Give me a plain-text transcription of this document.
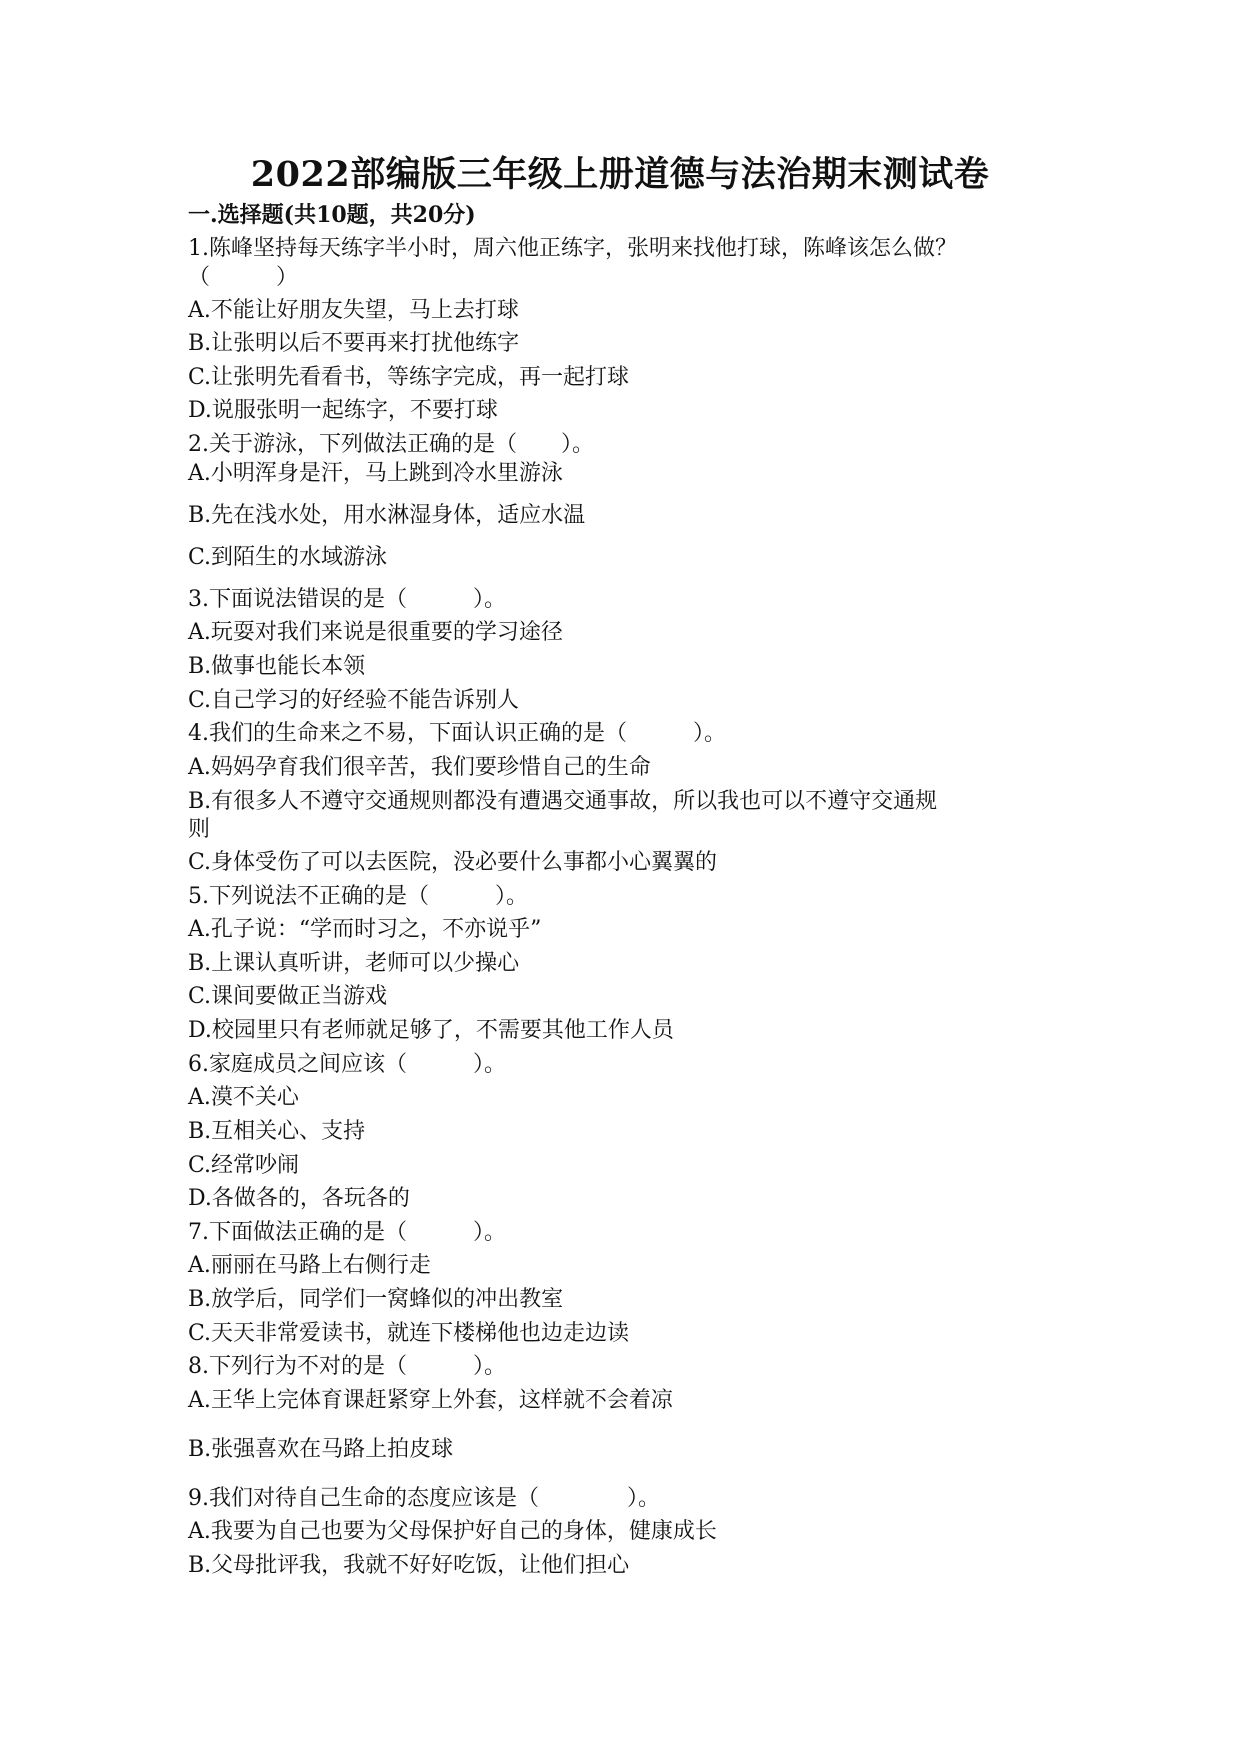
2022部编版三年级上册道德与法治期末测试卷
一.选择题(共10题，共20分)
1.陈峰坚持每天练字半小时，周六他正练字，张明来找他打球，陈峰该怎么做？
（　　　）
A.不能让好朋友失望，马上去打球
B.让张明以后不要再来打扰他练字
C.让张明先看看书，等练字完成，再一起打球
D.说服张明一起练字，不要打球
2.关于游泳，下列做法正确的是（　　）。
A.小明浑身是汗，马上跳到冷水里游泳
B.先在浅水处，用水淋湿身体，适应水温
C.到陌生的水域游泳
3.下面说法错误的是（　　　）。
A.玩耍对我们来说是很重要的学习途径
B.做事也能长本领
C.自己学习的好经验不能告诉别人
4.我们的生命来之不易，下面认识正确的是（　　　）。
A.妈妈孕育我们很辛苦，我们要珍惜自己的生命
B.有很多人不遵守交通规则都没有遭遇交通事故，所以我也可以不遵守交通规
则
C.身体受伤了可以去医院，没必要什么事都小心翼翼的
5.下列说法不正确的是（　　　）。
A.孔子说：“学而时习之，不亦说乎”
B.上课认真听讲，老师可以少操心
C.课间要做正当游戏
D.校园里只有老师就足够了，不需要其他工作人员
6.家庭成员之间应该（　　　）。
A.漠不关心
B.互相关心、支持
C.经常吵闹
D.各做各的，各玩各的
7.下面做法正确的是（　　　）。
A.丽丽在马路上右侧行走
B.放学后，同学们一窝蜂似的冲出教室
C.天天非常爱读书，就连下楼梯他也边走边读
8.下列行为不对的是（　　　）。
A.王华上完体育课赶紧穿上外套，这样就不会着凉
B.张强喜欢在马路上拍皮球
9.我们对待自己生命的态度应该是（　　　　）。
A.我要为自己也要为父母保护好自己的身体，健康成长
B.父母批评我，我就不好好吃饭，让他们担心
